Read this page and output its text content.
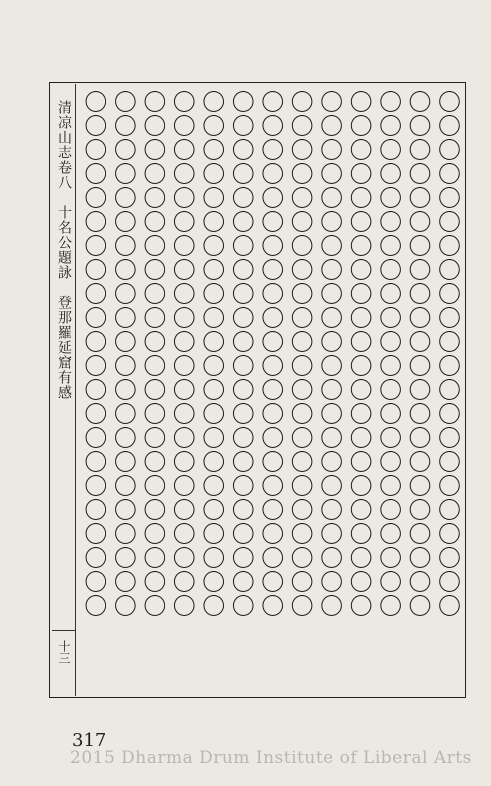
清凉山志卷八　十名公題詠　登那羅延窟有感
十三
〇〇〇〇〇〇〇〇〇〇〇〇〇〇〇〇〇〇〇〇〇〇
〇〇〇〇〇〇〇〇〇〇〇〇〇〇〇〇〇〇〇〇〇〇
〇〇〇〇〇〇〇〇〇〇〇〇〇〇〇〇〇〇〇〇〇〇
〇〇〇〇〇〇〇〇〇〇〇〇〇〇〇〇〇〇〇〇〇〇
〇〇〇〇〇〇〇〇〇〇〇〇〇〇〇〇〇〇〇〇〇〇
〇〇〇〇〇〇〇〇〇〇〇〇〇〇〇〇〇〇〇〇〇〇
〇〇〇〇〇〇〇〇〇〇〇〇〇〇〇〇〇〇〇〇〇〇
〇〇〇〇〇〇〇〇〇〇〇〇〇〇〇〇〇〇〇〇〇〇
〇〇〇〇〇〇〇〇〇〇〇〇〇〇〇〇〇〇〇〇〇〇
〇〇〇〇〇〇〇〇〇〇〇〇〇〇〇〇〇〇〇〇〇〇
〇〇〇〇〇〇〇〇〇〇〇〇〇〇〇〇〇〇〇〇〇〇
〇〇〇〇〇〇〇〇〇〇〇〇〇〇〇〇〇〇〇〇〇〇
〇〇〇〇〇〇〇〇〇〇〇〇〇〇〇〇〇〇〇〇〇〇
317
2015 Dharma Drum Institute of Liberal Arts
